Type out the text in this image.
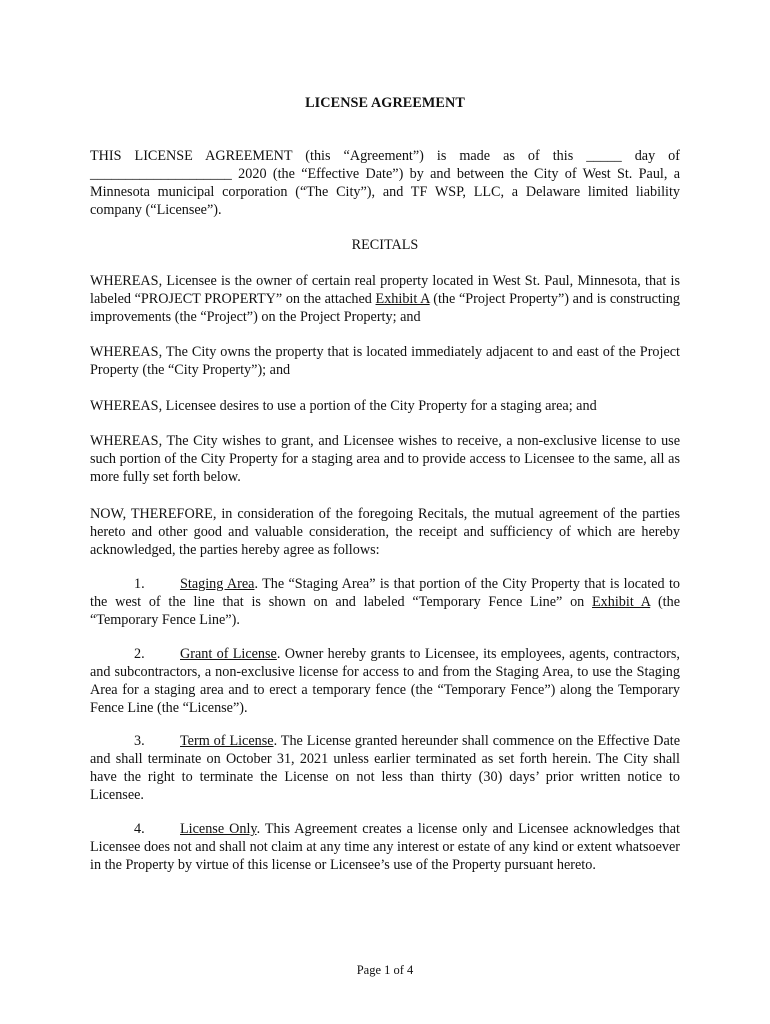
LICENSE AGREEMENT
THIS LICENSE AGREEMENT (this “Agreement”) is made as of this _____ day of ____________________ 2020 (the “Effective Date”) by and between the City of West St. Paul, a Minnesota municipal corporation (“The City”), and TF WSP, LLC, a Delaware limited liability company (“Licensee”).
RECITALS
WHEREAS, Licensee is the owner of certain real property located in West St. Paul, Minnesota, that is labeled “PROJECT PROPERTY” on the attached Exhibit A (the “Project Property”) and is constructing improvements (the “Project”) on the Project Property; and
WHEREAS, The City owns the property that is located immediately adjacent to and east of the Project Property (the “City Property”); and
WHEREAS, Licensee desires to use a portion of the City Property for a staging area; and
WHEREAS, The City wishes to grant, and Licensee wishes to receive, a non-exclusive license to use such portion of the City Property for a staging area and to provide access to Licensee to the same, all as more fully set forth below.
NOW, THEREFORE, in consideration of the foregoing Recitals, the mutual agreement of the parties hereto and other good and valuable consideration, the receipt and sufficiency of which are hereby acknowledged, the parties hereby agree as follows:
1. Staging Area. The “Staging Area” is that portion of the City Property that is located to the west of the line that is shown on and labeled “Temporary Fence Line” on Exhibit A (the “Temporary Fence Line”).
2. Grant of License. Owner hereby grants to Licensee, its employees, agents, contractors, and subcontractors, a non-exclusive license for access to and from the Staging Area, to use the Staging Area for a staging area and to erect a temporary fence (the “Temporary Fence”) along the Temporary Fence Line (the “License”).
3. Term of License. The License granted hereunder shall commence on the Effective Date and shall terminate on October 31, 2021 unless earlier terminated as set forth herein. The City shall have the right to terminate the License on not less than thirty (30) days’ prior written notice to Licensee.
4. License Only. This Agreement creates a license only and Licensee acknowledges that Licensee does not and shall not claim at any time any interest or estate of any kind or extent whatsoever in the Property by virtue of this license or Licensee’s use of the Property pursuant hereto.
Page 1 of 4
